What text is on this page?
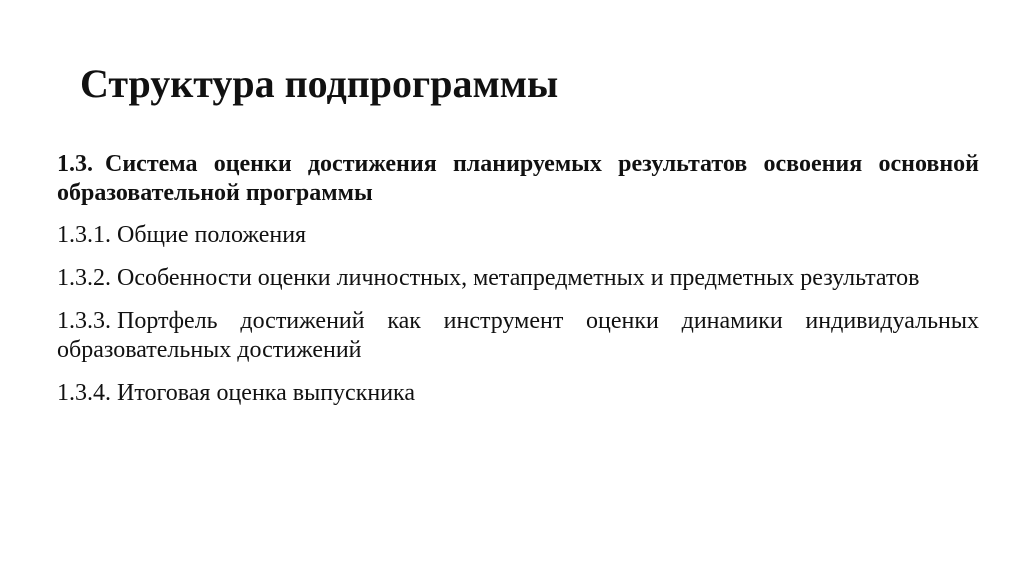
Структура подпрограммы

1.3. Система оценки достижения планируемых результатов освоения основной образовательной программы

1.3.1. Общие положения

1.3.2. Особенности оценки личностных, метапредметных и предметных результатов

1.3.3. Портфель достижений как инструмент оценки динамики индивидуальных образовательных достижений

1.3.4. Итоговая оценка выпускника
